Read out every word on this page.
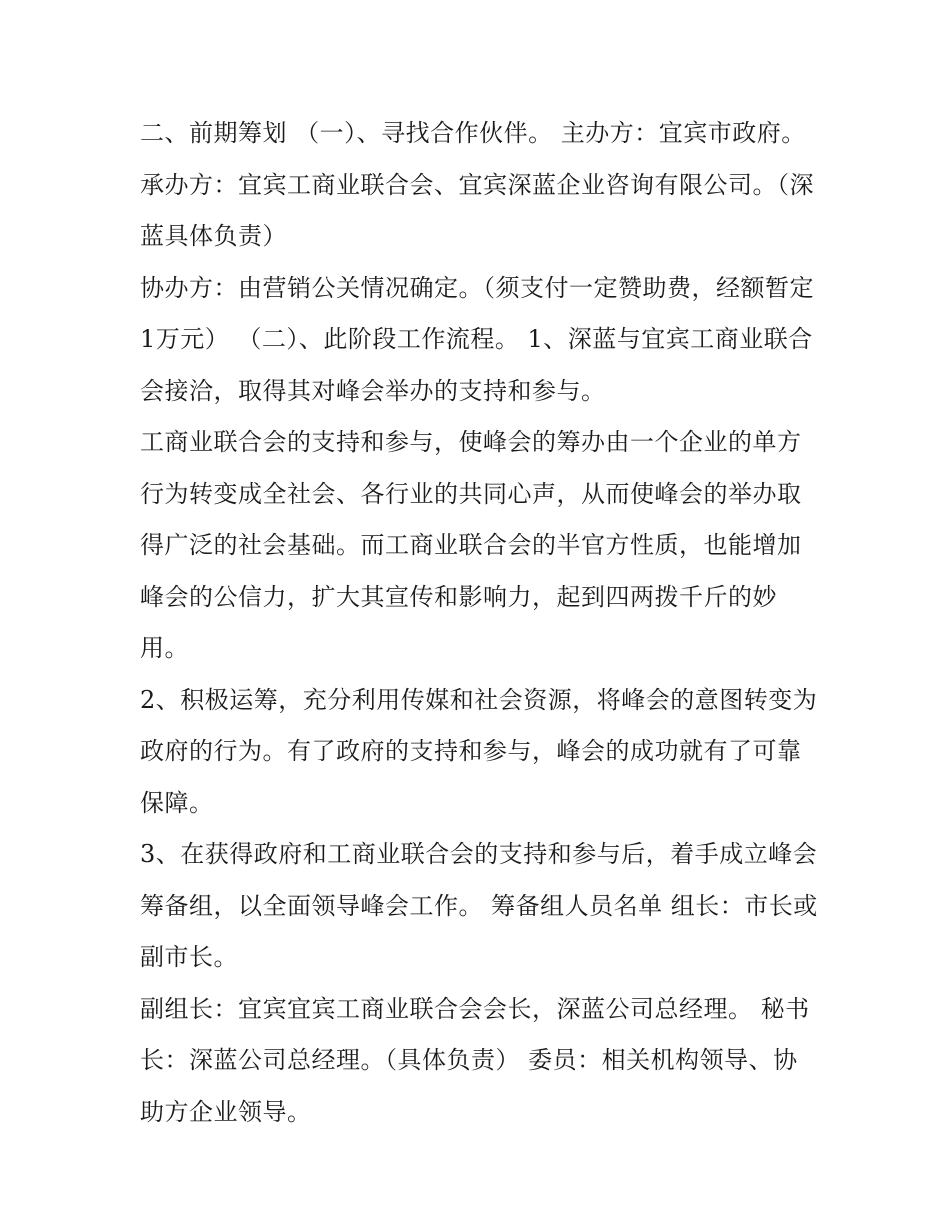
二、前期筹划 （一）、寻找合作伙伴。 主办方：宜宾市政府。 承办方：宜宾工商业联合会、宜宾深蓝企业咨询有限公司。（深蓝具体负责）

协办方：由营销公关情况确定。（须支付一定赞助费，经额暂定1万元） （二）、此阶段工作流程。 1、深蓝与宜宾工商业联合会接洽，取得其对峰会举办的支持和参与。

工商业联合会的支持和参与，使峰会的筹办由一个企业的单方行为转变成全社会、各行业的共同心声，从而使峰会的举办取得广泛的社会基础。而工商业联合会的半官方性质，也能增加峰会的公信力，扩大其宣传和影响力，起到四两拨千斤的妙用。

2、积极运筹，充分利用传媒和社会资源，将峰会的意图转变为政府的行为。有了政府的支持和参与，峰会的成功就有了可靠保障。

3、在获得政府和工商业联合会的支持和参与后，着手成立峰会筹备组，以全面领导峰会工作。 筹备组人员名单 组长：市长或副市长。

副组长：宜宾宜宾工商业联合会会长，深蓝公司总经理。 秘书长：深蓝公司总经理。（具体负责） 委员：相关机构领导、协助方企业领导。
